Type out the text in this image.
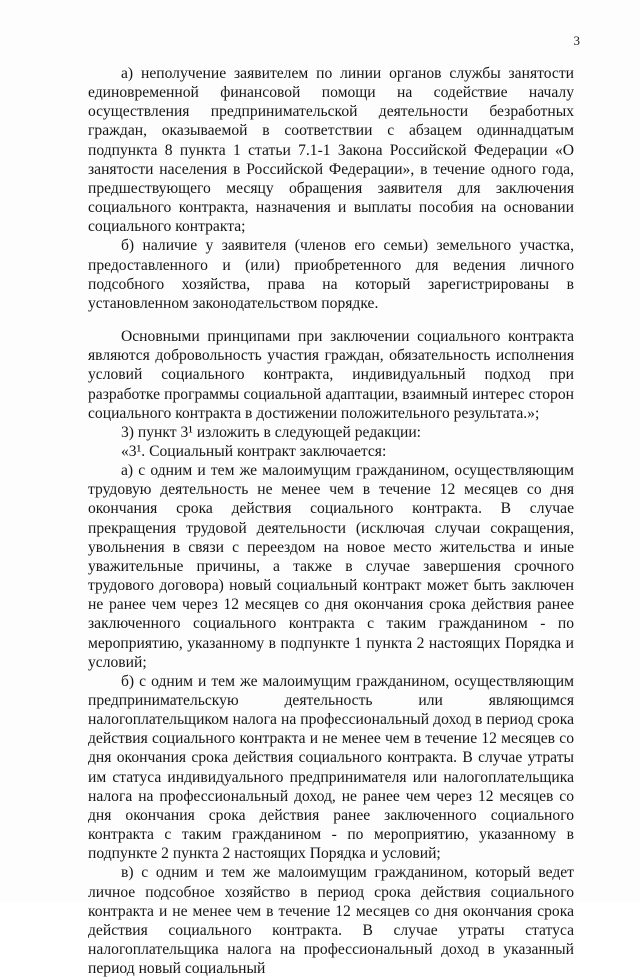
3

а) неполучение заявителем по линии органов службы занятости единовременной финансовой помощи на содействие началу осуществления предпринимательской деятельности безработных граждан, оказываемой в соответствии с абзацем одиннадцатым подпункта 8 пункта 1 статьи 7.1-1 Закона Российской Федерации «О занятости населения в Российской Федерации», в течение одного года, предшествующего месяцу обращения заявителя для заключения социального контракта, назначения и выплаты пособия на основании социального контракта;

б) наличие у заявителя (членов его семьи) земельного участка, предоставленного и (или) приобретенного для ведения личного подсобного хозяйства, права на который зарегистрированы в установленном законодательством порядке.

Основными принципами при заключении социального контракта являются добровольность участия граждан, обязательность исполнения условий социального контракта, индивидуальный подход при разработке программы социальной адаптации, взаимный интерес сторон социального контракта в достижении положительного результата.»;

3) пункт 3¹ изложить в следующей редакции:

«3¹. Социальный контракт заключается:

а) с одним и тем же малоимущим гражданином, осуществляющим трудовую деятельность не менее чем в течение 12 месяцев со дня окончания срока действия социального контракта. В случае прекращения трудовой деятельности (исключая случаи сокращения, увольнения в связи с переездом на новое место жительства и иные уважительные причины, а также в случае завершения срочного трудового договора) новый социальный контракт может быть заключен не ранее чем через 12 месяцев со дня окончания срока действия ранее заключенного социального контракта с таким гражданином - по мероприятию, указанному в подпункте 1 пункта 2 настоящих Порядка и условий;

б) с одним и тем же малоимущим гражданином, осуществляющим предпринимательскую деятельность или являющимся налогоплательщиком налога на профессиональный доход в период срока действия социального контракта и не менее чем в течение 12 месяцев со дня окончания срока действия социального контракта. В случае утраты им статуса индивидуального предпринимателя или налогоплательщика налога на профессиональный доход, не ранее чем через 12 месяцев со дня окончания срока действия ранее заключенного социального контракта с таким гражданином - по мероприятию, указанному в подпункте 2 пункта 2 настоящих Порядка и условий;

в) с одним и тем же малоимущим гражданином, который ведет личное подсобное хозяйство в период срока действия социального контракта и не менее чем в течение 12 месяцев со дня окончания срока действия социального контракта. В случае утраты статуса налогоплательщика налога на профессиональный доход в указанный период новый социальный
